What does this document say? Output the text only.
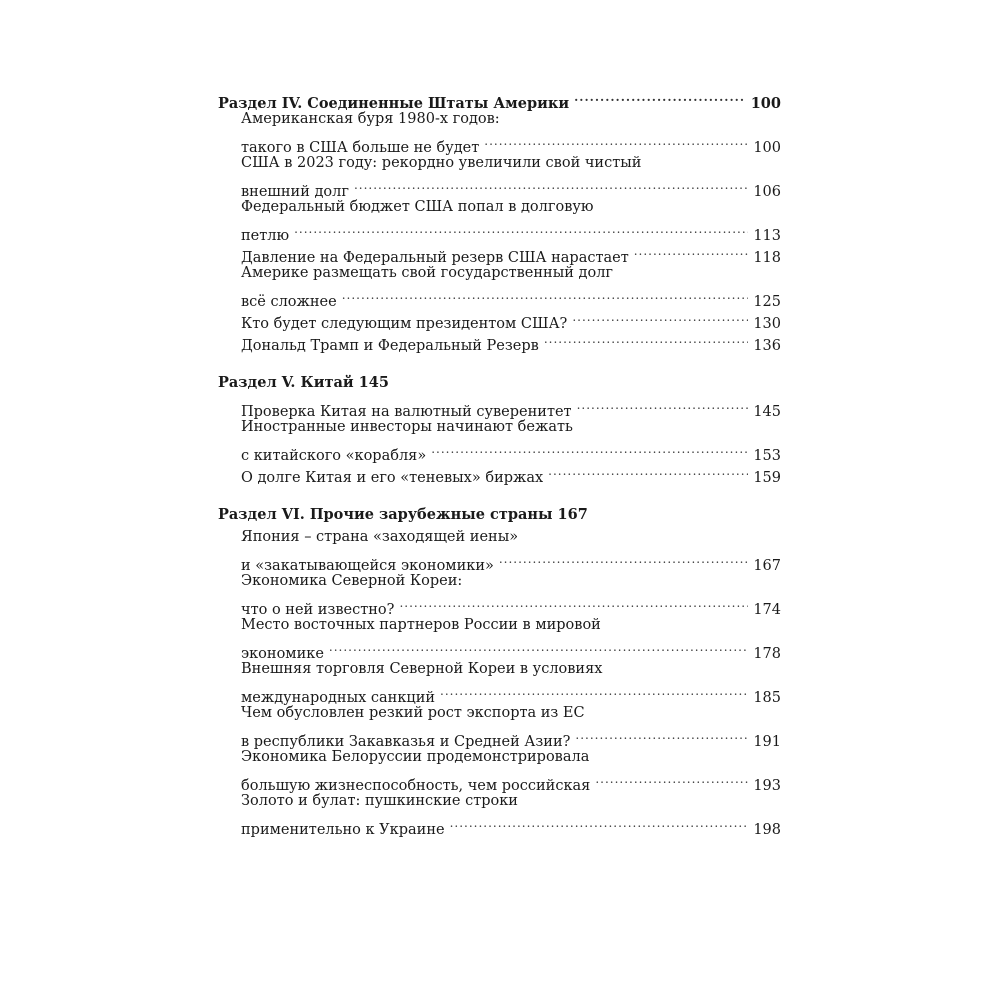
Раздел IV. Соединенные Штаты Америки .....	100
Американская буря 1980-х годов:
такого в США больше не будет .....	100
США в 2023 году: рекордно увеличили свой чистый
внешний долг .....	106
Федеральный бюджет США попал в долговую
петлю .....	113
Давление на Федеральный резерв США нарастает .....	118
Америке размещать свой государственный долг
всё сложнее .....	125
Кто будет следующим президентом США? .....	130
Дональд Трамп и Федеральный Резерв .....	136
Раздел V. Китай 145
Проверка Китая на валютный суверенитет .....	145
Иностранные инвесторы начинают бежать
с китайского «корабля» .....	153
О долге Китая и его «теневых» биржах .....	159
Раздел VI. Прочие зарубежные страны 167
Япония – страна «заходящей иены»
и «закатывающейся экономики» .....	167
Экономика Северной Кореи:
что о ней известно? .....	174
Место восточных партнеров России в мировой
экономике .....	178
Внешняя торговля Северной Кореи в условиях
международных санкций .....	185
Чем обусловлен резкий рост экспорта из ЕС
в республики Закавказья и Средней Азии? .....	191
Экономика Белоруссии продемонстрировала
большую жизнеспособность, чем российская .....	193
Золото и булат: пушкинские строки
применительно к Украине .....	198
